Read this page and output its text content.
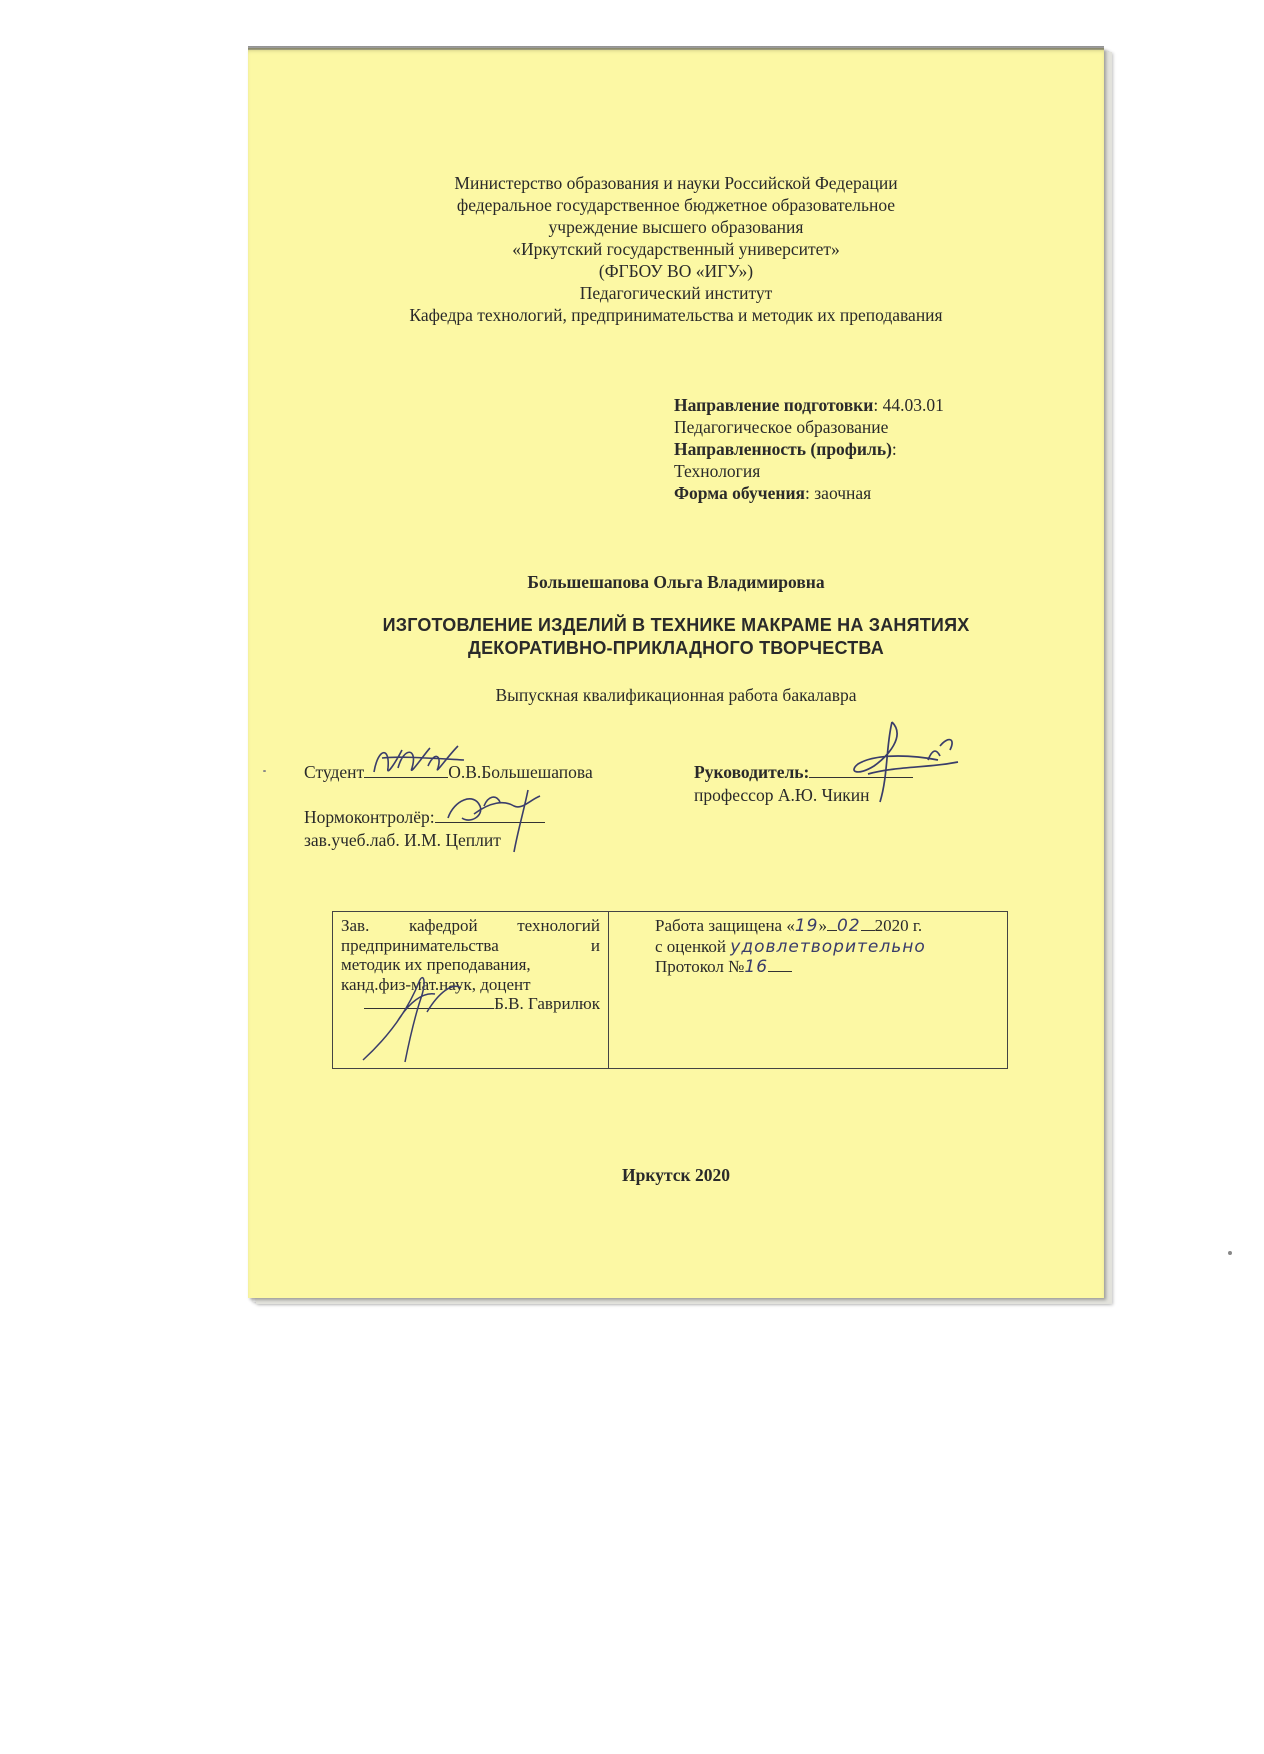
Министерство образования и науки Российской Федерации
федеральное государственное бюджетное образовательное
учреждение высшего образования
«Иркутский государственный университет»
(ФГБОУ ВО «ИГУ»)
Педагогический институт
Кафедра технологий, предпринимательства и методик их преподавания
Направление подготовки: 44.03.01
Педагогическое образование
Направленность (профиль):
Технология
Форма обучения: заочная
Большешапова Ольга Владимировна
ИЗГОТОВЛЕНИЕ ИЗДЕЛИЙ В ТЕХНИКЕ МАКРАМЕ НА ЗАНЯТИЯХ
ДЕКОРАТИВНО-ПРИКЛАДНОГО ТВОРЧЕСТВА
Выпускная квалификационная работа бакалавра
Студент	О.В.Большешапова	Руководитель:
профессор А.Ю. Чикин
Нормоконтролёр:
зав.учеб.лаб. И.М. Цеплит
Зав. кафедрой технологий
предпринимательства и
методик их преподавания,
канд.физ-мат.наук, доцент
Б.В. Гаврилюк
Работа защищена «19» 02 2020 г.
с оценкой удовлетворительно
Протокол №16
Иркутск 2020
